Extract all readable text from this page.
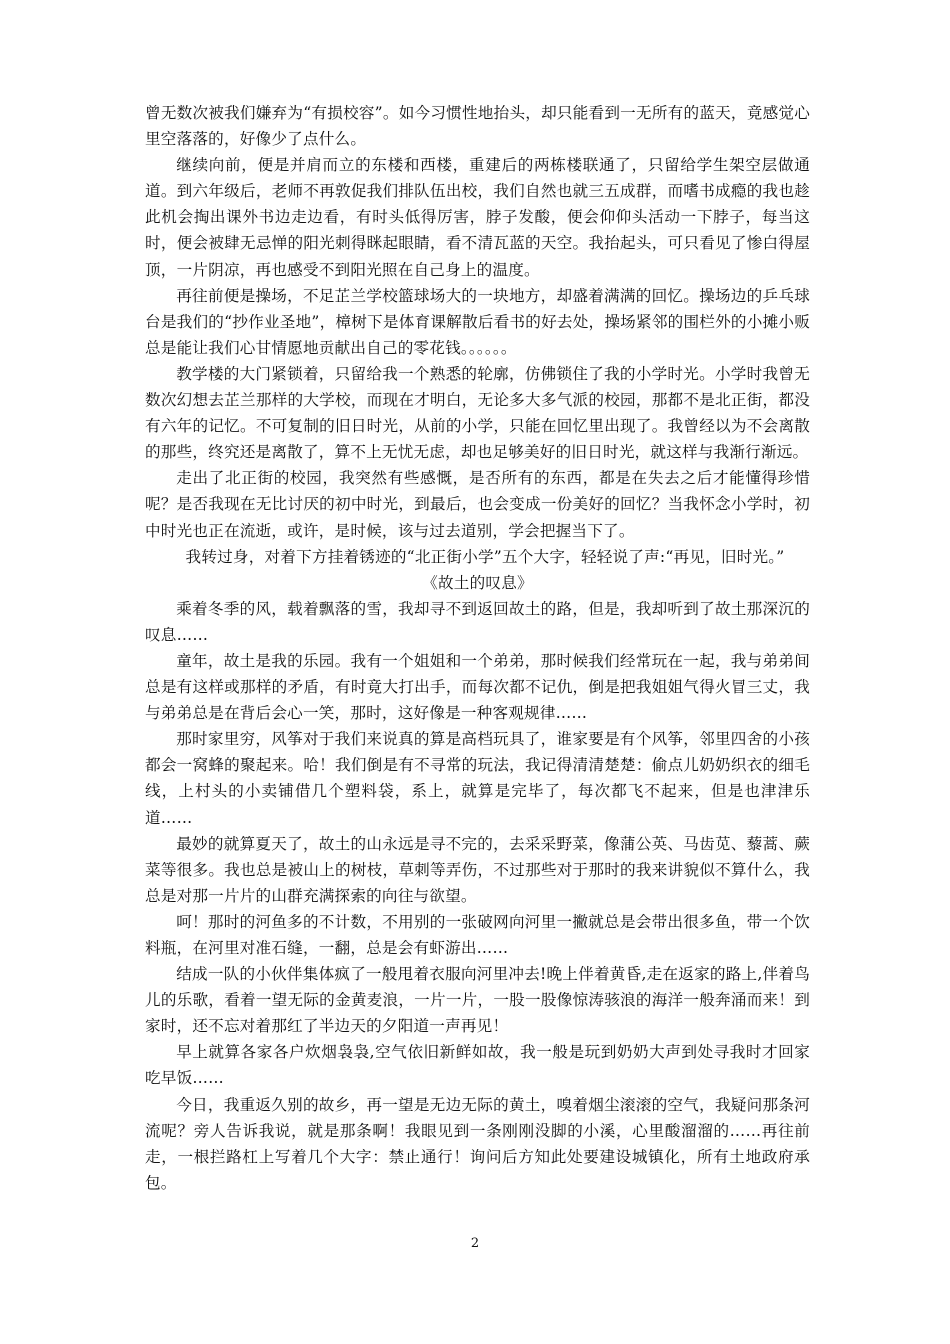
曾无数次被我们嫌弃为“有损校容”。如今习惯性地抬头，却只能看到一无所有的蓝天，竟感觉心里空落落的，好像少了点什么。

继续向前，便是并肩而立的东楼和西楼，重建后的两栋楼联通了，只留给学生架空层做通道。到六年级后，老师不再敦促我们排队伍出校，我们自然也就三五成群，而嗜书成瘾的我也趁此机会掏出课外书边走边看，有时头低得厉害，脖子发酸，便会仰仰头活动一下脖子，每当这时，便会被肆无忌惮的阳光刺得眯起眼睛，看不清瓦蓝的天空。我抬起头，可只看见了惨白得屋顶，一片阴凉，再也感受不到阳光照在自己身上的温度。

再往前便是操场，不足芷兰学校篮球场大的一块地方，却盛着满满的回忆。操场边的乒乓球台是我们的“抄作业圣地”，樟树下是体育课解散后看书的好去处，操场紧邻的围栏外的小摊小贩总是能让我们心甘情愿地贡献出自己的零花钱。。。。。。

教学楼的大门紧锁着，只留给我一个熟悉的轮廓，仿佛锁住了我的小学时光。小学时我曾无数次幻想去芷兰那样的大学校，而现在才明白，无论多大多气派的校园，那都不是北正街，都没有六年的记忆。不可复制的旧日时光，从前的小学，只能在回忆里出现了。我曾经以为不会离散的那些，终究还是离散了，算不上无忧无虑，却也足够美好的旧日时光，就这样与我渐行渐远。

走出了北正街的校园，我突然有些感慨，是否所有的东西，都是在失去之后才能懂得珍惜呢？是否我现在无比讨厌的初中时光，到最后，也会变成一份美好的回忆？当我怀念小学时，初中时光也正在流逝，或许，是时候，该与过去道别，学会把握当下了。

我转过身，对着下方挂着锈迹的“北正街小学”五个大字，轻轻说了声:“再见，旧时光。”

《故土的叹息》

乘着冬季的风，载着飘落的雪，我却寻不到返回故土的路，但是，我却听到了故土那深沉的叹息……

童年，故土是我的乐园。我有一个姐姐和一个弟弟，那时候我们经常玩在一起，我与弟弟间总是有这样或那样的矛盾，有时竟大打出手，而每次都不记仇，倒是把我姐姐气得火冒三丈，我与弟弟总是在背后会心一笑，那时，这好像是一种客观规律……

那时家里穷，风筝对于我们来说真的算是高档玩具了，谁家要是有个风筝，邻里四舍的小孩都会一窝蜂的聚起来。哈！我们倒是有不寻常的玩法，我记得清清楚楚：偷点儿奶奶织衣的细毛线，上村头的小卖铺借几个塑料袋，系上，就算是完毕了，每次都飞不起来，但是也津津乐道……

最妙的就算夏天了，故土的山永远是寻不完的，去采采野菜，像蒲公英、马齿苋、藜蒿、蕨菜等很多。我也总是被山上的树枝，草刺等弄伤，不过那些对于那时的我来讲貌似不算什么，我总是对那一片片的山群充满探索的向往与欲望。

呵！那时的河鱼多的不计数，不用别的一张破网向河里一撇就总是会带出很多鱼，带一个饮料瓶，在河里对准石缝，一翻，总是会有虾游出……

结成一队的小伙伴集体疯了一般甩着衣服向河里冲去!晚上伴着黄昏,走在返家的路上,伴着鸟儿的乐歌，看着一望无际的金黄麦浪，一片一片，一股一股像惊涛骇浪的海洋一般奔涌而来！到家时，还不忘对着那红了半边天的夕阳道一声再见！

早上就算各家各户炊烟袅袅,空气依旧新鲜如故，我一般是玩到奶奶大声到处寻我时才回家吃早饭……

今日，我重返久别的故乡，再一望是无边无际的黄土，嗅着烟尘滚滚的空气，我疑问那条河流呢？旁人告诉我说，就是那条啊！我眼见到一条刚刚没脚的小溪，心里酸溜溜的……再往前走，一根拦路杠上写着几个大字：禁止通行！询问后方知此处要建设城镇化，所有土地政府承包。

2
